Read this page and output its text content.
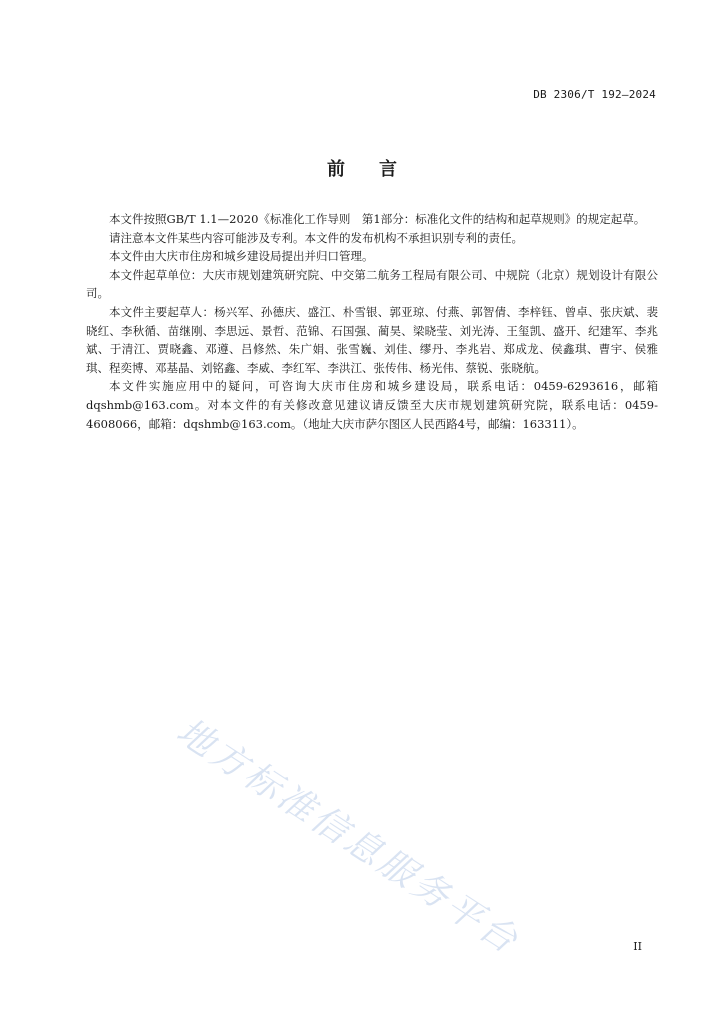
DB 2306/T 192—2024
前言

本文件按照GB/T 1.1—2020《标准化工作导则　第1部分：标准化文件的结构和起草规则》的规定起草。

请注意本文件某些内容可能涉及专利。本文件的发布机构不承担识别专利的责任。

本文件由大庆市住房和城乡建设局提出并归口管理。

本文件起草单位：大庆市规划建筑研究院、中交第二航务工程局有限公司、中规院（北京）规划设计有限公司。

本文件主要起草人：杨兴军、孙德庆、盛江、朴雪银、郭亚琼、付燕、郭智倩、李梓钰、曾卓、张庆斌、裴晓红、李秋循、苗继刚、李思远、景哲、范锦、石国强、蔺昊、梁晓莹、刘光涛、王玺凯、盛开、纪建军、李兆斌、于清江、贾晓鑫、邓遵、吕修然、朱广娟、张雪巍、刘佳、缪丹、李兆岩、郑成龙、侯鑫琪、曹宇、侯雅琪、程奕博、邓基晶、刘铭鑫、李威、李红军、李洪江、张传伟、杨光伟、蔡锐、张晓航。

本文件实施应用中的疑问，可咨询大庆市住房和城乡建设局，联系电话：0459-6293616，邮箱dqshmb@163.com。对本文件的有关修改意见建议请反馈至大庆市规划建筑研究院，联系电话：0459-4608066，邮箱：dqshmb@163.com。（地址大庆市萨尔图区人民西路4号，邮编：163311）。

地方标准信息服务平台	II
